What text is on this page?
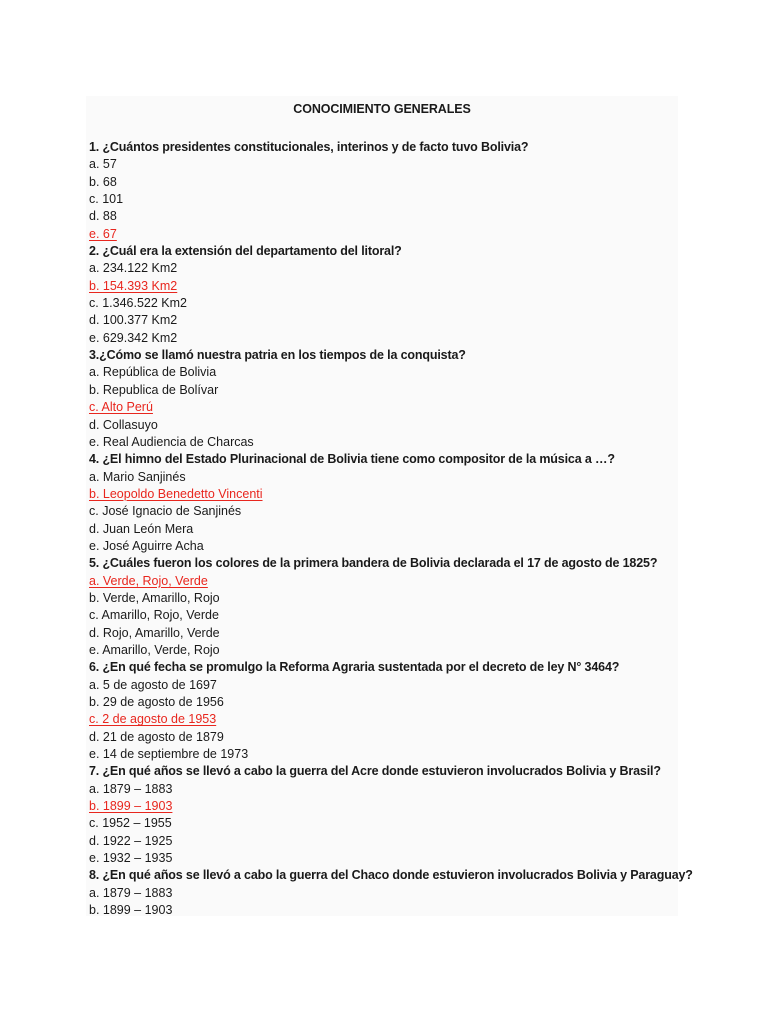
CONOCIMIENTO GENERALES
1. ¿Cuántos presidentes constitucionales, interinos y de facto tuvo Bolivia?
a. 57
b. 68
c. 101
d. 88
e. 67
2. ¿Cuál era la extensión del departamento del litoral?
a. 234.122 Km2
b. 154.393 Km2
c. 1.346.522 Km2
d. 100.377 Km2
e. 629.342 Km2
3.¿Cómo se llamó nuestra patria en los tiempos de la conquista?
a. República de Bolivia
b. Republica de Bolívar
c. Alto Perú
d. Collasuyo
e. Real Audiencia de Charcas
4. ¿El himno del Estado Plurinacional de Bolivia tiene como compositor de la música a …?
a. Mario Sanjinés
b. Leopoldo Benedetto Vincenti
c. José Ignacio de Sanjinés
d. Juan León Mera
e. José Aguirre Acha
5. ¿Cuáles fueron los colores de la primera bandera de Bolivia declarada el 17 de agosto de 1825?
a. Verde, Rojo, Verde
b. Verde, Amarillo, Rojo
c. Amarillo, Rojo, Verde
d. Rojo, Amarillo, Verde
e. Amarillo, Verde, Rojo
6. ¿En qué fecha se promulgo la Reforma Agraria sustentada por el decreto de ley N° 3464?
a. 5 de agosto de 1697
b. 29 de agosto de 1956
c. 2 de agosto de 1953
d. 21 de agosto de 1879
e. 14 de septiembre de 1973
7. ¿En qué años se llevó a cabo la guerra del Acre donde estuvieron involucrados Bolivia y Brasil?
a. 1879 – 1883
b. 1899 – 1903
c. 1952 – 1955
d. 1922 – 1925
e. 1932 – 1935
8. ¿En qué años se llevó a cabo la guerra del Chaco donde estuvieron involucrados Bolivia y Paraguay?
a. 1879 – 1883
b. 1899 – 1903
